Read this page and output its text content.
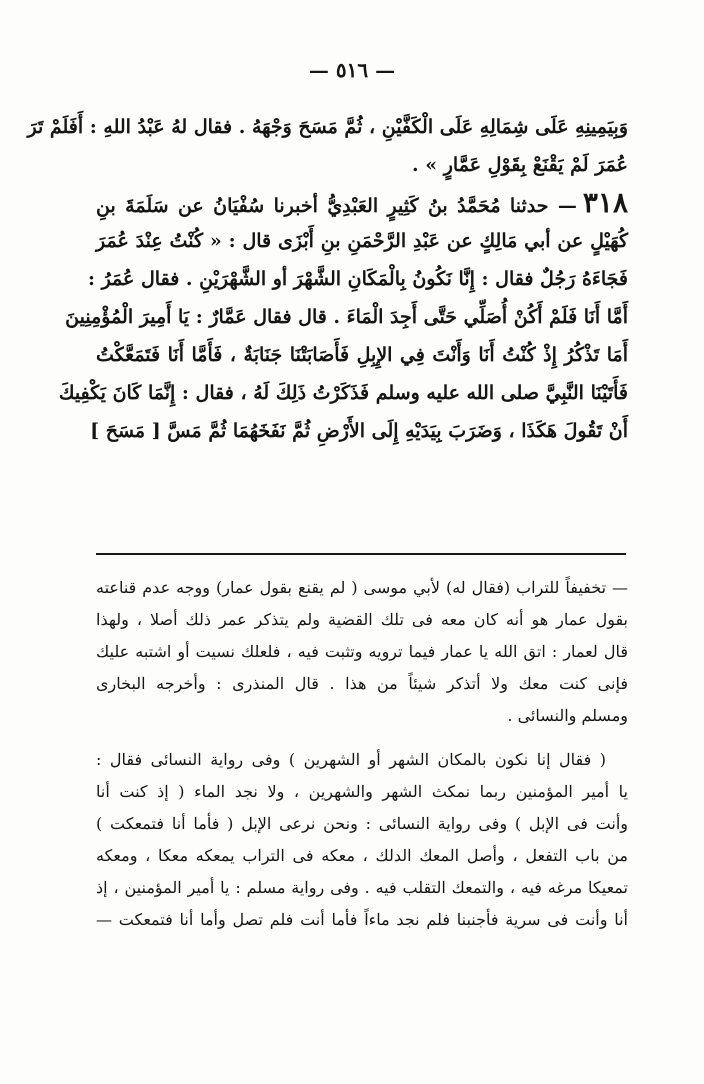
— ٥١٦ —
وَبِيَمِينِهِ عَلَى شِمَالِهِ عَلَى الْكَفَّيْنِ ، ثُمَّ مَسَحَ وَجْهَهُ . فقال لهُ عَبْدُ اللهِ : أَفَلَمْ تَرَ
عُمَرَ لَمْ يَقْنَعْ بِقَوْلِ عَمَّارٍ » .
٣١٨— حدثنا مُحَمَّدُ بنُ كَثِيرٍ العَبْدِيُّ أخبرنا سُفْيَانُ عن سَلَمَةَ بنِ
كُهَيْلٍ عن أبي مَالِكٍ عن عَبْدِ الرَّحْمَنِ بنِ أَبْزَى قال : « كُنْتُ عِنْدَ عُمَرَ
فَجَاءَهُ رَجُلٌ فقال : إِنَّا نَكُونُ بِالْمَكَانِ الشَّهْرَ أو الشَّهْرَيْنِ . فقال عُمَرُ :
أَمَّا أَنَا فَلَمْ أَكُنْ أُصَلِّي حَتَّى أَجِدَ الْمَاءَ . قال فقال عَمَّارٌ : يَا أَمِيرَ الْمُؤْمِنِينَ
أَمَا تَذْكُرُ إِذْ كُنْتُ أَنَا وَأَنْتَ فِي الإِبِلِ فَأَصَابَتْنَا جَنَابَةٌ ، فَأَمَّا أَنَا فَتَمَعَّكْتُ
فَأَتَيْنَا النَّبِيَّ صلى الله عليه وسلم فَذَكَرْتُ ذَلِكَ لَهُ ، فقال : إِنَّمَا كَانَ يَكْفِيكَ
أَنْ تَقُولَ هَكَذَا ، وَضَرَبَ بِيَدَيْهِ إِلَى الأَرْضِ ثُمَّ نَفَخَهُمَا ثُمَّ مَسَّ [ مَسَحَ ]
— تخفيفاً للتراب (فقال له) لأبي موسى ( لم يقنع بقول عمار) ووجه عدم قناعته
بقول عمار هو أنه كان معه فى تلك القضية ولم يتذكر عمر ذلك أصلا ، ولهذا
قال لعمار : اتق الله يا عمار فيما ترويه وتثبت فيه ، فلعلك نسيت أو اشتبه عليك
فإنى كنت معك ولا أتذكر شيئاً من هذا . قال المنذرى : وأخرجه البخارى
ومسلم والنسائى .
( فقال إنا نكون بالمكان الشهر أو الشهرين ) وفى رواية النسائى فقال :
يا أمير المؤمنين ربما نمكث الشهر والشهرين ، ولا نجد الماء ( إذ كنت أنا
وأنت فى الإبل ) وفى رواية النسائى : ونحن نرعى الإبل ( فأما أنا فتمعكت )
من باب التفعل ، وأصل المعك الدلك ، معكه فى التراب يمعكه معكا ، ومعكه
تمعيكا مرغه فيه ، والتمعك التقلب فيه . وفى رواية مسلم : يا أمير المؤمنين ، إذ
أنا وأنت فى سرية فأجنبنا فلم نجد ماءاً فأما أنت فلم تصل وأما أنا فتمعكت —
